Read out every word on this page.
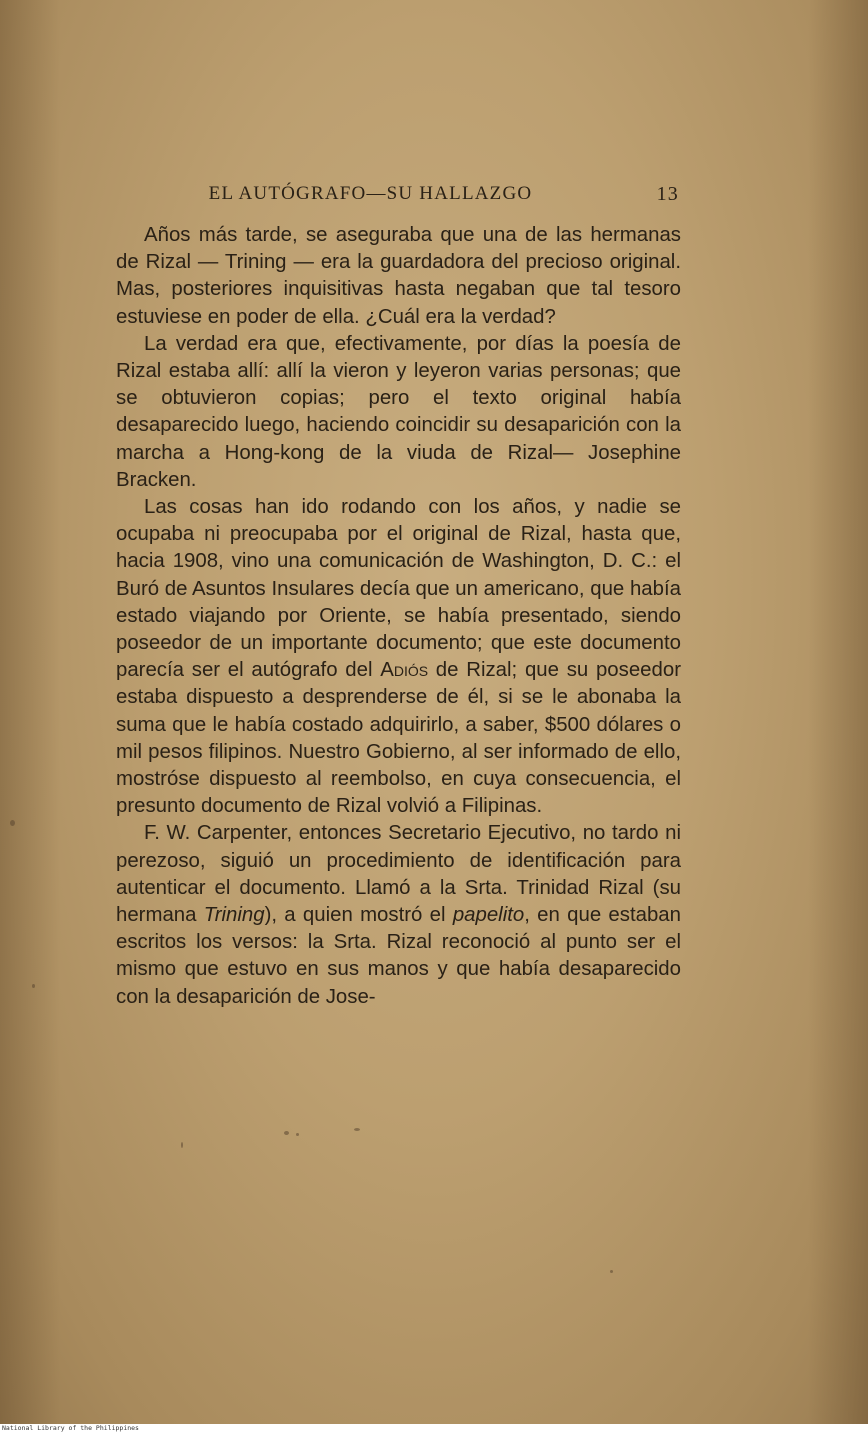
EL AUTÓGRAFO—SU HALLAZGO	13

Años más tarde, se aseguraba que una de las hermanas de Rizal — Trining — era la guardadora del precioso original. Mas, posteriores inquisitivas hasta negaban que tal tesoro estuviese en poder de ella. ¿Cuál era la verdad?

La verdad era que, efectivamente, por días la poesía de Rizal estaba allí: allí la vieron y leyeron varias personas; que se obtuvieron copias; pero el texto original había desaparecido luego, haciendo coincidir su desaparición con la marcha a Hong-kong de la viuda de Rizal— Josephine Bracken.

Las cosas han ido rodando con los años, y nadie se ocupaba ni preocupaba por el original de Rizal, hasta que, hacia 1908, vino una comunicación de Washington, D. C.: el Buró de Asuntos Insulares decía que un americano, que había estado viajando por Oriente, se había presentado, siendo poseedor de un importante documento; que este documento parecía ser el autógrafo del Adiós de Rizal; que su poseedor estaba dispuesto a desprenderse de él, si se le abonaba la suma que le había costado adquirirlo, a saber, $500 dólares o mil pesos filipinos. Nuestro Gobierno, al ser informado de ello, mostróse dispuesto al reembolso, en cuya consecuencia, el presunto documento de Rizal volvió a Filipinas.

F. W. Carpenter, entonces Secretario Ejecutivo, no tardo ni perezoso, siguió un procedimiento de identificación para autenticar el documento. Llamó a la Srta. Trinidad Rizal (su hermana Trining), a quien mostró el papelito, en que estaban escritos los versos: la Srta. Rizal reconoció al punto ser el mismo que estuvo en sus manos y que había desaparecido con la desaparición de Jose-

National Library of the Philippines
